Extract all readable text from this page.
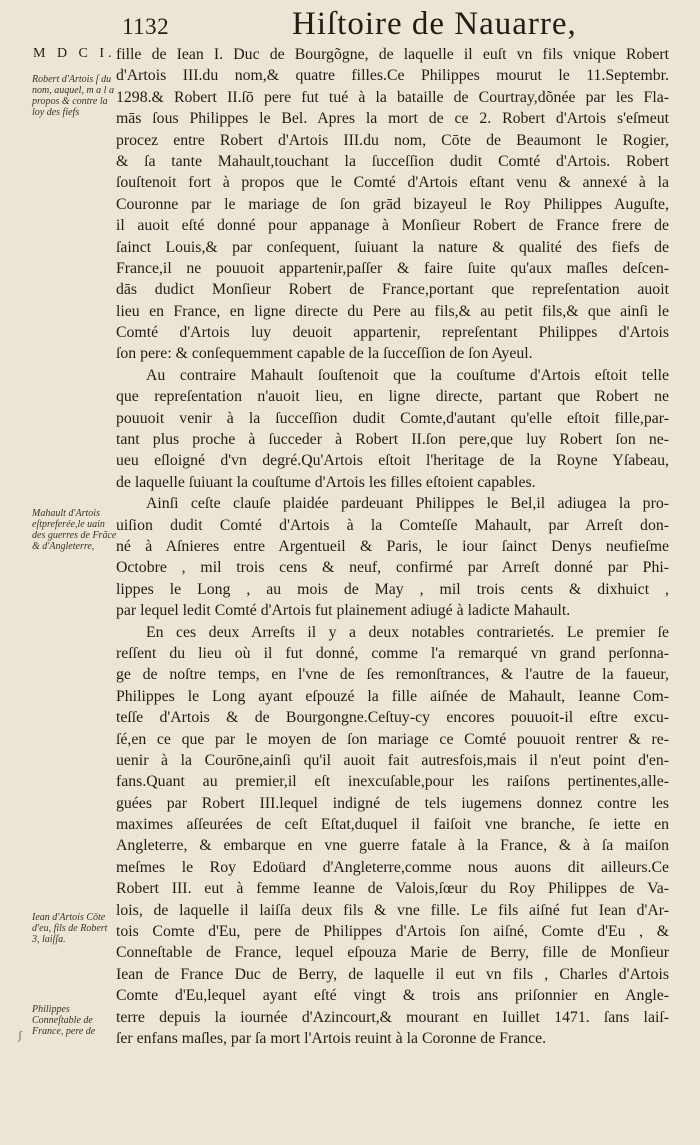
1132	Hiſtoire de Nauarre,
M D C I.
Robert d'Artois ſ du nom, auquel, m a l a propos & contre la loy des fiefs
Mahault d'Artois eſtpreferée,le uain des guerres de Frãce & d'Angleterre,
Iean d'Artois Cōte d'eu, fils de Robert 3, laiſſa.
Philippes Conneſtable de France, pere de
fille de Iean I. Duc de Bourgõgne, de laquelle il euſt vn fils vnique Robert
d'Artois III.du nom,& quatre filles.Ce Philippes mourut le 11.Septembr.
1298.& Robert II.ſō pere fut tué à la bataille de Courtray,dõnée par les Fla-
mās ſous Philippes le Bel. Apres la mort de ce 2. Robert d'Artois s'eſmeut
procez entre Robert d'Artois III.du nom, Cōte de Beaumont le Rogier,
& ſa tante Mahault,touchant la ſucceſſion dudit Comté d'Artois. Robert
ſouſtenoit fort à propos que le Comté d'Artois eſtant venu & annexé à la
Couronne par le mariage de ſon grād bizayeul le Roy Philippes Auguſte,
il auoit eſté donné pour appanage à Monſieur Robert de France frere de
ſainct Louis,& par conſequent, ſuiuant la nature & qualité des fiefs de
France,il ne pouuoit appartenir,paſſer & faire ſuite qu'aux maſles deſcen-
dās dudict Monſieur Robert de France,portant que repreſentation auoit
lieu en France, en ligne directe du Pere au fils,& au petit fils,& que ainſi le
Comté d'Artois luy deuoit appartenir, repreſentant Philippes d'Artois
ſon pere: & conſequemment capable de la ſucceſſion de ſon Ayeul.
Au contraire Mahault ſouſtenoit que la couſtume d'Artois eſtoit telle
que repreſentation n'auoit lieu, en ligne directe, partant que Robert ne
pouuoit venir à la ſucceſſion dudit Comte,d'autant qu'elle eſtoit fille,par-
tant plus proche à ſucceder à Robert II.ſon pere,que luy Robert ſon ne-
ueu eſloigné d'vn degré.Qu'Artois eſtoit l'heritage de la Royne Yſabeau,
de laquelle ſuiuant la couſtume d'Artois les filles eſtoient capables.
Ainſi ceſte clauſe plaidée pardeuant Philippes le Bel,il adiugea la pro-
uiſion dudit Comté d'Artois à la Comteſſe Mahault, par Arreſt don-
né à Aſnieres entre Argentueil & Paris, le iour ſainct Denys neufieſme
Octobre , mil trois cens & neuf, confirmé par Arreſt donné par Phi-
lippes le Long , au mois de May , mil trois cents & dixhuict ,
par lequel ledit Comté d'Artois fut plainement adiugé à ladicte Mahault.
En ces deux Arreſts il y a deux notables contrarietés. Le premier ſe
reſſent du lieu où il fut donné, comme l'a remarqué vn grand perſonna-
ge de noſtre temps, en l'vne de ſes remonſtrances, & l'autre de la faueur,
Philippes le Long ayant eſpouzé la fille aiſnée de Mahault, Ieanne Com-
teſſe d'Artois & de Bourgongne.Ceſtuy-cy encores pouuoit-il eſtre excu-
ſé,en ce que par le moyen de ſon mariage ce Comté pouuoit rentrer & re-
uenir à la Courōne,ainſi qu'il auoit fait autresfois,mais il n'eut point d'en-
fans.Quant au premier,il eſt inexcuſable,pour les raiſons pertinentes,alle-
guées par Robert III.lequel indigné de tels iugemens donnez contre les
maximes aſſeurées de ceſt Eſtat,duquel il faiſoit vne branche, ſe iette en
Angleterre, & embarque en vne guerre fatale à la France, & à ſa maiſon
meſmes le Roy Edoüard d'Angleterre,comme nous auons dit ailleurs.Ce
Robert III. eut à femme Ieanne de Valois,ſœur du Roy Philippes de Va-
lois, de laquelle il laiſſa deux fils & vne fille. Le fils aiſné fut Iean d'Ar-
tois Comte d'Eu, pere de Philippes d'Artois ſon aiſné, Comte d'Eu , &
Conneſtable de France, lequel eſpouza Marie de Berry, fille de Monſieur
Iean de France Duc de Berry, de laquelle il eut vn fils , Charles d'Artois
Comte d'Eu,lequel ayant eſté vingt & trois ans priſonnier en Angle-
terre depuis la iournée d'Azincourt,& mourant en Iuillet 1471. ſans laiſ-
ſer enfans maſles, par ſa mort l'Artois reuint à la Coronne de France.
ʃ
